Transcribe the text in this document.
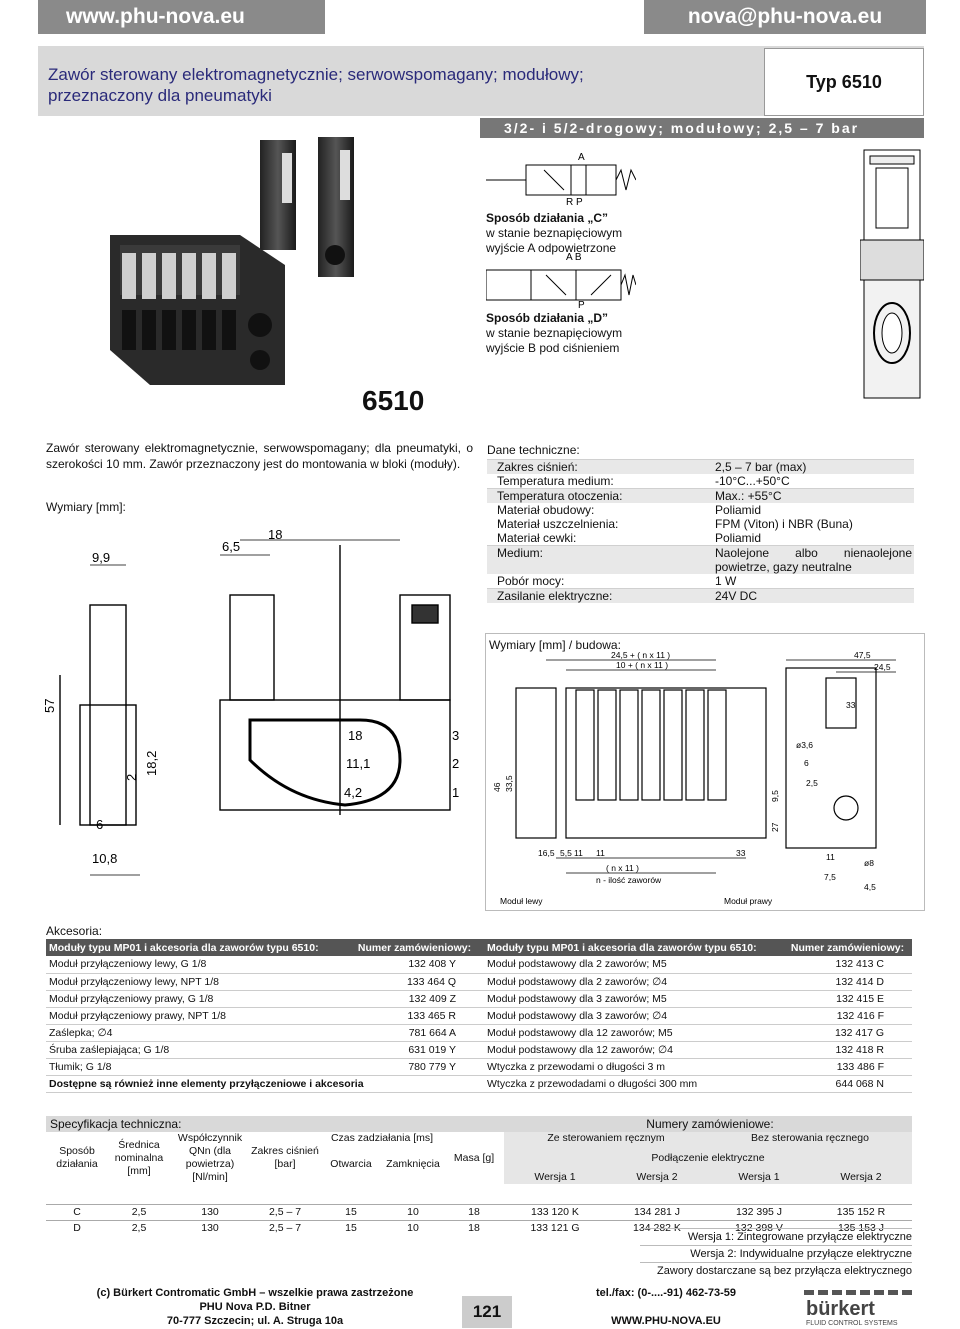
www.phu-nova.eu	nova@phu-nova.eu
Zawór sterowany elektromagnetycznie; serwowspomagany; modułowy;
przeznaczony dla pneumatyki
Typ 6510
3/2- i 5/2-drogowy; modułowy; 2,5 – 7 bar
6510
A
R P
Sposób działania „C”
w stanie beznapięciowym
wyjście A odpowietrzone
A B
P
Sposób działania „D”
w stanie beznapięciowym
wyjście B pod ciśnieniem
Zawór sterowany elektromagnetycznie, serwowspomagany; dla pneumatyki, o szerokości 10 mm. Zawór przeznaczony jest do montowania w bloki (moduły).
Wymiary [mm]:
Dane techniczne:
Zakres ciśnień:	2,5 – 7 bar (max)
Temperatura medium:	-10°C...+50°C
Temperatura otoczenia:	Max.: +55°C
Materiał obudowy:	Poliamid
Materiał uszczelnienia:	FPM (Viton) i NBR (Buna)
Materiał cewki:	Poliamid
Medium:	Naolejone albo nienaolejone powietrze, gazy neutralne
Pobór mocy:	1 W
Zasilanie elektryczne:	24V DC
9,9
6,5
18
57
2
18,2
6
10,8
18
11,1
4,2
3
2
1
Wymiary [mm] / budowa:
24,5 + ( n x 11 )
10 + ( n x 11 )
47,5
24,5
33
ø3,6
6
2,5
46 33,5
9,5
27
16,5 5,5 11 11
( n x 11 )
n - ilość zaworów
33
ø8
7,5
4,5
11
Moduł lewy	Moduł prawy
Akcesoria:
Moduły typu MP01 i akcesoria dla zaworów typu 6510:	Numer zamówieniowy:	Moduły typu MP01 i akcesoria dla zaworów typu 6510:	Numer zamówieniowy:
Moduł przyłączeniowy lewy, G 1/8	132 408 Y	Moduł podstawowy dla 2 zaworów; M5	132 413 C
Moduł przyłączeniowy lewy, NPT 1/8	133 464 Q	Moduł podstawowy dla 2 zaworów; ∅4	132 414 D
Moduł przyłączeniowy prawy, G 1/8	132 409 Z	Moduł podstawowy dla 3 zaworów; M5	132 415 E
Moduł przyłączeniowy prawy, NPT 1/8	133 465 R	Moduł podstawowy dla 3 zaworów; ∅4	132 416 F
Zaślepka; ∅4	781 664 A	Moduł podstawowy dla 12 zaworów; M5	132 417 G
Śruba zaślepiająca; G 1/8	631 019 Y	Moduł podstawowy dla 12 zaworów; ∅4	132 418 R
Tłumik; G 1/8	780 779 Y	Wtyczka z przewodami o długości 3 m	133 486 F
Dostępne są również inne elementy przyłączeniowe i akcesoria		Wtyczka z przewodadami o długości 300 mm	644 068 N
Specyfikacja techniczna:							Numery zamówieniowe:			
Sposób działania	Średnica nominalna [mm]	Współczynnik QNn (dla powietrza) [Nl/min]	Zakres ciśnień [bar]	Czas zadziałania [ms]		Masa [g]	Ze sterowaniem ręcznym		Bez sterowania ręcznego	
				Otwarcia	Zamknięcia		Podłączenie elektryczne			
							Wersja 1	Wersja 2	Wersja 1	Wersja 2

C	2,5	130	2,5 – 7	15	10	18	133 120 K	134 281 J	132 395 J	135 152 R
D	2,5	130	2,5 – 7	15	10	18	133 121 G	134 282 K	132 398 V	135 153 J
Wersja 1: Zintegrowane przyłącze elektryczne
Wersja 2: Indywidualne przyłącze elektryczne
Zawory dostarczane są bez przyłącza elektrycznego
(c) Bürkert Contromatic GmbH – wszelkie prawa zastrzeżone
PHU Nova P.D. Bitner
70-777 Szczecin; ul. A. Struga 10a	121
tel./fax: (0-....-91) 462-73-59
WWW.PHU-NOVA.EU
bürkert
FLUID CONTROL SYSTEMS
